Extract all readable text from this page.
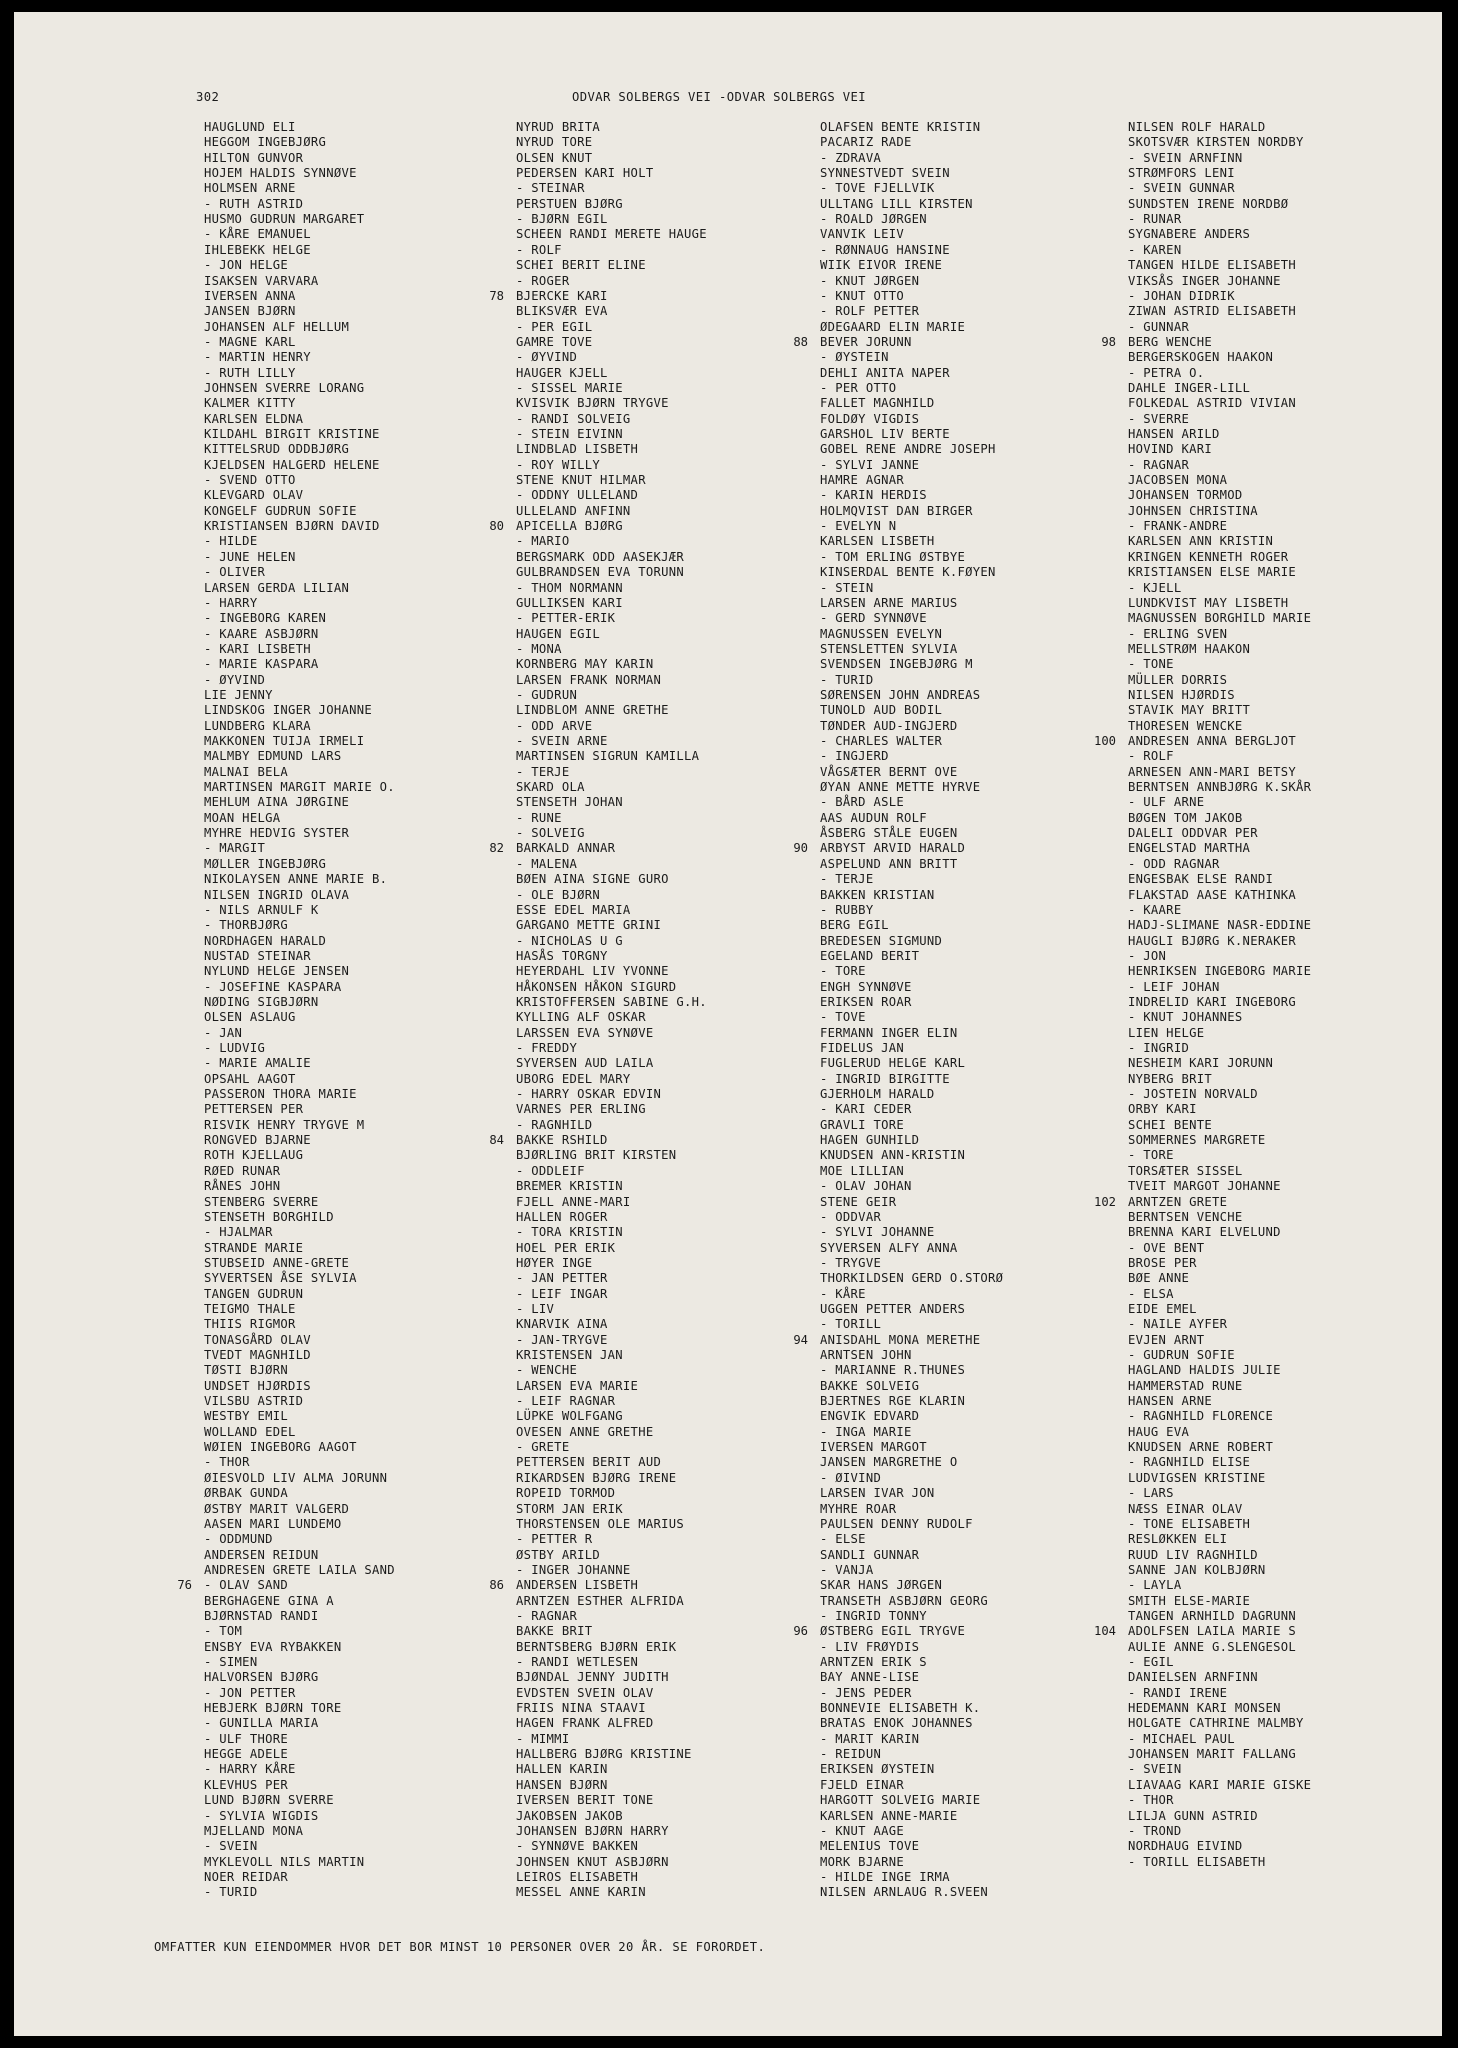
302	ODVAR SOLBERGS VEI -ODVAR SOLBERGS VEI
HAUGLUND ELI
HEGGOM INGEBJØRG
HILTON GUNVOR
HOJEM HALDIS SYNNØVE
HOLMSEN ARNE
- RUTH ASTRID
HUSMO GUDRUN MARGARET
- KÅRE EMANUEL
IHLEBEKK HELGE
- JON HELGE
ISAKSEN VARVARA
IVERSEN ANNA
JANSEN BJØRN
JOHANSEN ALF HELLUM
- MAGNE KARL
- MARTIN HENRY
- RUTH LILLY
JOHNSEN SVERRE LORANG
KALMER KITTY
KARLSEN ELDNA
KILDAHL BIRGIT KRISTINE
KITTELSRUD ODDBJØRG
KJELDSEN HALGERD HELENE
- SVEND OTTO
KLEVGARD OLAV
KONGELF GUDRUN SOFIE
KRISTIANSEN BJØRN DAVID
- HILDE
- JUNE HELEN
- OLIVER
LARSEN GERDA LILIAN
- HARRY
- INGEBORG KAREN
- KAARE ASBJØRN
- KARI LISBETH
- MARIE KASPARA
- ØYVIND
LIE JENNY
LINDSKOG INGER JOHANNE
LUNDBERG KLARA
MAKKONEN TUIJA IRMELI
MALMBY EDMUND LARS
MALNAI BELA
MARTINSEN MARGIT MARIE O.
MEHLUM AINA JØRGINE
MOAN HELGA
MYHRE HEDVIG SYSTER
- MARGIT
MØLLER INGEBJØRG
NIKOLAYSEN ANNE MARIE B.
NILSEN INGRID OLAVA
- NILS ARNULF K
- THORBJØRG
NORDHAGEN HARALD
NUSTAD STEINAR
NYLUND HELGE JENSEN
- JOSEFINE KASPARA
NØDING SIGBJØRN
OLSEN ASLAUG
- JAN
- LUDVIG
- MARIE AMALIE
OPSAHL AAGOT
PASSERON THORA MARIE
PETTERSEN PER
RISVIK HENRY TRYGVE M
RONGVED BJARNE
ROTH KJELLAUG
RØED RUNAR
RÅNES JOHN
STENBERG SVERRE
STENSETH BORGHILD
- HJALMAR
STRANDE MARIE
STUBSEID ANNE-GRETE
SYVERTSEN ÅSE SYLVIA
TANGEN GUDRUN
TEIGMO THALE
THIIS RIGMOR
TONASGÅRD OLAV
TVEDT MAGNHILD
TØSTI BJØRN
UNDSET HJØRDIS
VILSBU ASTRID
WESTBY EMIL
WOLLAND EDEL
WØIEN INGEBORG AAGOT
- THOR
ØIESVOLD LIV ALMA JORUNN
ØRBAK GUNDA
ØSTBY MARIT VALGERD
AASEN MARI LUNDEMO
- ODDMUND
ANDERSEN REIDUN
ANDRESEN GRETE LAILA SAND
- OLAV SAND
BERGHAGENE GINA A
BJØRNSTAD RANDI
- TOM
ENSBY EVA RYBAKKEN
- SIMEN
HALVORSEN BJØRG
- JON PETTER
HEBJERK BJØRN TORE
- GUNILLA MARIA
- ULF THORE
HEGGE ADELE
- HARRY KÅRE
KLEVHUS PER
LUND BJØRN SVERRE
- SYLVIA WIGDIS
MJELLAND MONA
- SVEIN
MYKLEVOLL NILS MARTIN
NOER REIDAR
- TURID
76
NYRUD BRITA
NYRUD TORE
OLSEN KNUT
PEDERSEN KARI HOLT
- STEINAR
PERSTUEN BJØRG
- BJØRN EGIL
SCHEEN RANDI MERETE HAUGE
- ROLF
SCHEI BERIT ELINE
- ROGER
BJERCKE KARI
BLIKSVÆR EVA
- PER EGIL
GAMRE TOVE
- ØYVIND
HAUGER KJELL
- SISSEL MARIE
KVISVIK BJØRN TRYGVE
- RANDI SOLVEIG
- STEIN EIVINN
LINDBLAD LISBETH
- ROY WILLY
STENE KNUT HILMAR
- ODDNY ULLELAND
ULLELAND ANFINN
APICELLA BJØRG
- MARIO
BERGSMARK ODD AASEKJÆR
GULBRANDSEN EVA TORUNN
- THOM NORMANN
GULLIKSEN KARI
- PETTER-ERIK
HAUGEN EGIL
- MONA
KORNBERG MAY KARIN
LARSEN FRANK NORMAN
- GUDRUN
LINDBLOM ANNE GRETHE
- ODD ARVE
- SVEIN ARNE
MARTINSEN SIGRUN KAMILLA
- TERJE
SKARD OLA
STENSETH JOHAN
- RUNE
- SOLVEIG
BARKALD ANNAR
- MALENA
BØEN AINA SIGNE GURO
- OLE BJØRN
ESSE EDEL MARIA
GARGANO METTE GRINI
- NICHOLAS U G
HASÅS TORGNY
HEYERDAHL LIV YVONNE
HÅKONSEN HÅKON SIGURD
KRISTOFFERSEN SABINE G.H.
KYLLING ALF OSKAR
LARSSEN EVA SYNØVE
- FREDDY
SYVERSEN AUD LAILA
UBORG EDEL MARY
- HARRY OSKAR EDVIN
VARNES PER ERLING
- RAGNHILD
BAKKE RSHILD
BJØRLING BRIT KIRSTEN
- ODDLEIF
BREMER KRISTIN
FJELL ANNE-MARI
HALLEN ROGER
- TORA KRISTIN
HOEL PER ERIK
HØYER INGE
- JAN PETTER
- LEIF INGAR
- LIV
KNARVIK AINA
- JAN-TRYGVE
KRISTENSEN JAN
- WENCHE
LARSEN EVA MARIE
- LEIF RAGNAR
LÜPKE WOLFGANG
OVESEN ANNE GRETHE
- GRETE
PETTERSEN BERIT AUD
RIKARDSEN BJØRG IRENE
ROPEID TORMOD
STORM JAN ERIK
THORSTENSEN OLE MARIUS
- PETTER R
ØSTBY ARILD
- INGER JOHANNE
ANDERSEN LISBETH
ARNTZEN ESTHER ALFRIDA
- RAGNAR
BAKKE BRIT
BERNTSBERG BJØRN ERIK
- RANDI WETLESEN
BJØNDAL JENNY JUDITH
EVDSTEN SVEIN OLAV
FRIIS NINA STAAVI
HAGEN FRANK ALFRED
- MIMMI
HALLBERG BJØRG KRISTINE
HALLEN KARIN
HANSEN BJØRN
IVERSEN BERIT TONE
JAKOBSEN JAKOB
JOHANSEN BJØRN HARRY
- SYNNØVE BAKKEN
JOHNSEN KNUT ASBJØRN
LEIROS ELISABETH
MESSEL ANNE KARIN
78
80
82
84
86
OLAFSEN BENTE KRISTIN
PACARIZ RADE
- ZDRAVA
SYNNESTVEDT SVEIN
- TOVE FJELLVIK
ULLTANG LILL KIRSTEN
- ROALD JØRGEN
VANVIK LEIV
- RØNNAUG HANSINE
WIIK EIVOR IRENE
- KNUT JØRGEN
- KNUT OTTO
- ROLF PETTER
ØDEGAARD ELIN MARIE
BEVER JORUNN
- ØYSTEIN
DEHLI ANITA NAPER
- PER OTTO
FALLET MAGNHILD
FOLDØY VIGDIS
GARSHOL LIV BERTE
GOBEL RENE ANDRE JOSEPH
- SYLVI JANNE
HAMRE AGNAR
- KARIN HERDIS
HOLMQVIST DAN BIRGER
- EVELYN N
KARLSEN LISBETH
- TOM ERLING ØSTBYE
KINSERDAL BENTE K.FØYEN
- STEIN
LARSEN ARNE MARIUS
- GERD SYNNØVE
MAGNUSSEN EVELYN
STENSLETTEN SYLVIA
SVENDSEN INGEBJØRG M
- TURID
SØRENSEN JOHN ANDREAS
TUNOLD AUD BODIL
TØNDER AUD-INGJERD
- CHARLES WALTER
- INGJERD
VÅGSÆTER BERNT OVE
ØYAN ANNE METTE HYRVE
- BÅRD ASLE
AAS AUDUN ROLF
ÅSBERG STÅLE EUGEN
ARBYST ARVID HARALD
ASPELUND ANN BRITT
- TERJE
BAKKEN KRISTIAN
- RUBBY
BERG EGIL
BREDESEN SIGMUND
EGELAND BERIT
- TORE
ENGH SYNNØVE
ERIKSEN ROAR
- TOVE
FERMANN INGER ELIN
FIDELUS JAN
FUGLERUD HELGE KARL
- INGRID BIRGITTE
GJERHOLM HARALD
- KARI CEDER
GRAVLI TORE
HAGEN GUNHILD
KNUDSEN ANN-KRISTIN
MOE LILLIAN
- OLAV JOHAN
STENE GEIR
- ODDVAR
- SYLVI JOHANNE
SYVERSEN ALFY ANNA
- TRYGVE
THORKILDSEN GERD O.STORØ
- KÅRE
UGGEN PETTER ANDERS
- TORILL
ANISDAHL MONA MERETHE
ARNTSEN JOHN
- MARIANNE R.THUNES
BAKKE SOLVEIG
BJERTNES RGE KLARIN
ENGVIK EDVARD
- INGA MARIE
IVERSEN MARGOT
JANSEN MARGRETHE O
- ØIVIND
LARSEN IVAR JON
MYHRE ROAR
PAULSEN DENNY RUDOLF
- ELSE
SANDLI GUNNAR
- VANJA
SKAR HANS JØRGEN
TRANSETH ASBJØRN GEORG
- INGRID TONNY
ØSTBERG EGIL TRYGVE
- LIV FRØYDIS
ARNTZEN ERIK S
BAY ANNE-LISE
- JENS PEDER
BONNEVIE ELISABETH K.
BRATAS ENOK JOHANNES
- MARIT KARIN
- REIDUN
ERIKSEN ØYSTEIN
FJELD EINAR
HARGOTT SOLVEIG MARIE
KARLSEN ANNE-MARIE
- KNUT AAGE
MELENIUS TOVE
MORK BJARNE
- HILDE INGE IRMA
NILSEN ARNLAUG R.SVEEN
88
90
94
96
NILSEN ROLF HARALD
SKOTSVÆR KIRSTEN NORDBY
- SVEIN ARNFINN
STRØMFORS LENI
- SVEIN GUNNAR
SUNDSTEN IRENE NORDBØ
- RUNAR
SYGNABERE ANDERS
- KAREN
TANGEN HILDE ELISABETH
VIKSÅS INGER JOHANNE
- JOHAN DIDRIK
ZIWAN ASTRID ELISABETH
- GUNNAR
BERG WENCHE
BERGERSKOGEN HAAKON
- PETRA O.
DAHLE INGER-LILL
FOLKEDAL ASTRID VIVIAN
- SVERRE
HANSEN ARILD
HOVIND KARI
- RAGNAR
JACOBSEN MONA
JOHANSEN TORMOD
JOHNSEN CHRISTINA
- FRANK-ANDRE
KARLSEN ANN KRISTIN
KRINGEN KENNETH ROGER
KRISTIANSEN ELSE MARIE
- KJELL
LUNDKVIST MAY LISBETH
MAGNUSSEN BORGHILD MARIE
- ERLING SVEN
MELLSTRØM HAAKON
- TONE
MÜLLER DORRIS
NILSEN HJØRDIS
STAVIK MAY BRITT
THORESEN WENCKE
ANDRESEN ANNA BERGLJOT
- ROLF
ARNESEN ANN-MARI BETSY
BERNTSEN ANNBJØRG K.SKÅR
- ULF ARNE
BØGEN TOM JAKOB
DALELI ODDVAR PER
ENGELSTAD MARTHA
- ODD RAGNAR
ENGESBAK ELSE RANDI
FLAKSTAD AASE KATHINKA
- KAARE
HADJ-SLIMANE NASR-EDDINE
HAUGLI BJØRG K.NERAKER
- JON
HENRIKSEN INGEBORG MARIE
- LEIF JOHAN
INDRELID KARI INGEBORG
- KNUT JOHANNES
LIEN HELGE
- INGRID
NESHEIM KARI JORUNN
NYBERG BRIT
- JOSTEIN NORVALD
ORBY KARI
SCHEI BENTE
SOMMERNES MARGRETE
- TORE
TORSÆTER SISSEL
TVEIT MARGOT JOHANNE
ARNTZEN GRETE
BERNTSEN VENCHE
BRENNA KARI ELVELUND
- OVE BENT
BROSE PER
BØE ANNE
- ELSA
EIDE EMEL
- NAILE AYFER
EVJEN ARNT
- GUDRUN SOFIE
HAGLAND HALDIS JULIE
HAMMERSTAD RUNE
HANSEN ARNE
- RAGNHILD FLORENCE
HAUG EVA
KNUDSEN ARNE ROBERT
- RAGNHILD ELISE
LUDVIGSEN KRISTINE
- LARS
NÆSS EINAR OLAV
- TONE ELISABETH
RESLØKKEN ELI
RUUD LIV RAGNHILD
SANNE JAN KOLBJØRN
- LAYLA
SMITH ELSE-MARIE
TANGEN ARNHILD DAGRUNN
ADOLFSEN LAILA MARIE S
AULIE ANNE G.SLENGESOL
- EGIL
DANIELSEN ARNFINN
- RANDI IRENE
HEDEMANN KARI MONSEN
HOLGATE CATHRINE MALMBY
- MICHAEL PAUL
JOHANSEN MARIT FALLANG
- SVEIN
LIAVAAG KARI MARIE GISKE
- THOR
LILJA GUNN ASTRID
- TROND
NORDHAUG EIVIND
- TORILL ELISABETH
98
100
102
104
OMFATTER KUN EIENDOMMER HVOR DET BOR MINST 10 PERSONER OVER 20 ÅR. SE FORORDET.
